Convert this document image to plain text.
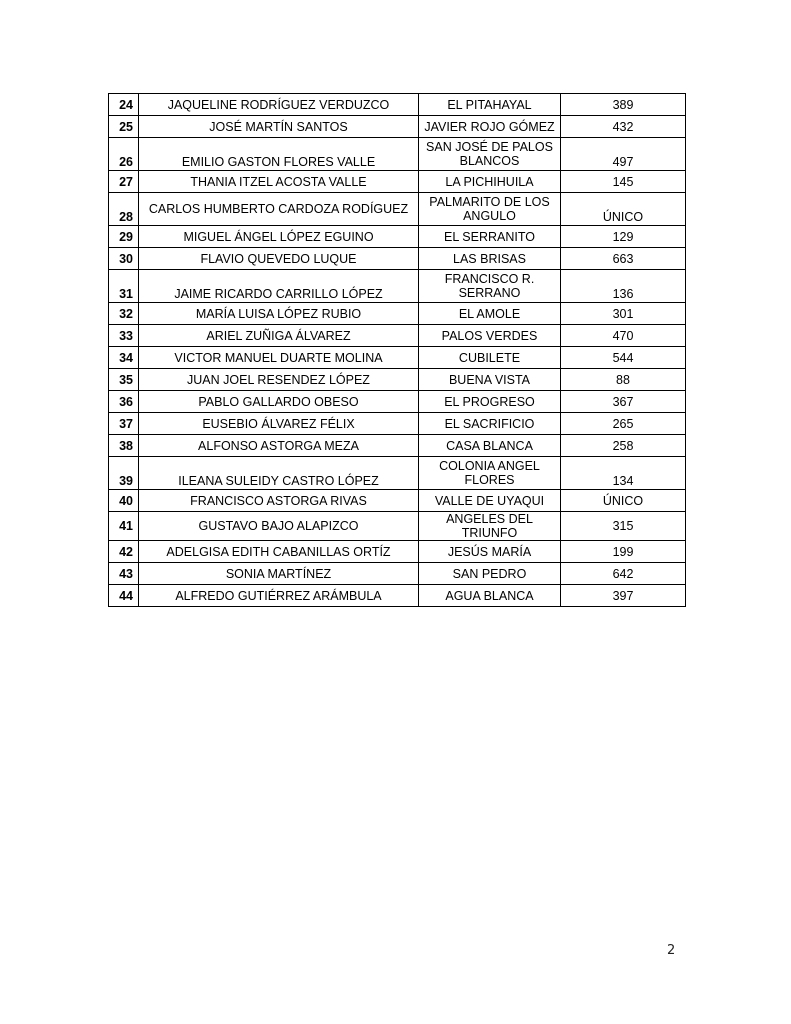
24	JAQUELINE RODRÍGUEZ VERDUZCO	EL PITAHAYAL	389
25	JOSÉ MARTÍN SANTOS	JAVIER ROJO GÓMEZ	432
26	EMILIO GASTON FLORES VALLE	SAN JOSÉ DE PALOS BLANCOS	497
27	THANIA ITZEL ACOSTA VALLE	LA PICHIHUILA	145
28	CARLOS HUMBERTO CARDOZA RODÍGUEZ	PALMARITO DE LOS ANGULO	ÚNICO
29	MIGUEL ÁNGEL LÓPEZ EGUINO	EL SERRANITO	129
30	FLAVIO QUEVEDO LUQUE	LAS BRISAS	663
31	JAIME RICARDO CARRILLO LÓPEZ	FRANCISCO R. SERRANO	136
32	MARÍA LUISA LÓPEZ RUBIO	EL AMOLE	301
33	ARIEL ZUÑIGA ÁLVAREZ	PALOS VERDES	470
34	VICTOR MANUEL DUARTE MOLINA	CUBILETE	544
35	JUAN JOEL RESENDEZ LÓPEZ	BUENA VISTA	88
36	PABLO GALLARDO OBESO	EL PROGRESO	367
37	EUSEBIO ÁLVAREZ FÉLIX	EL SACRIFICIO	265
38	ALFONSO ASTORGA MEZA	CASA BLANCA	258
39	ILEANA SULEIDY CASTRO LÓPEZ	COLONIA ANGEL FLORES	134
40	FRANCISCO ASTORGA RIVAS	VALLE DE UYAQUI	ÚNICO
41	GUSTAVO BAJO ALAPIZCO	ANGELES DEL TRIUNFO	315
42	ADELGISA EDITH CABANILLAS ORTÍZ	JESÚS MARÍA	199
43	SONIA MARTÍNEZ	SAN PEDRO	642
44	ALFREDO GUTIÉRREZ ARÁMBULA	AGUA BLANCA	397
2
